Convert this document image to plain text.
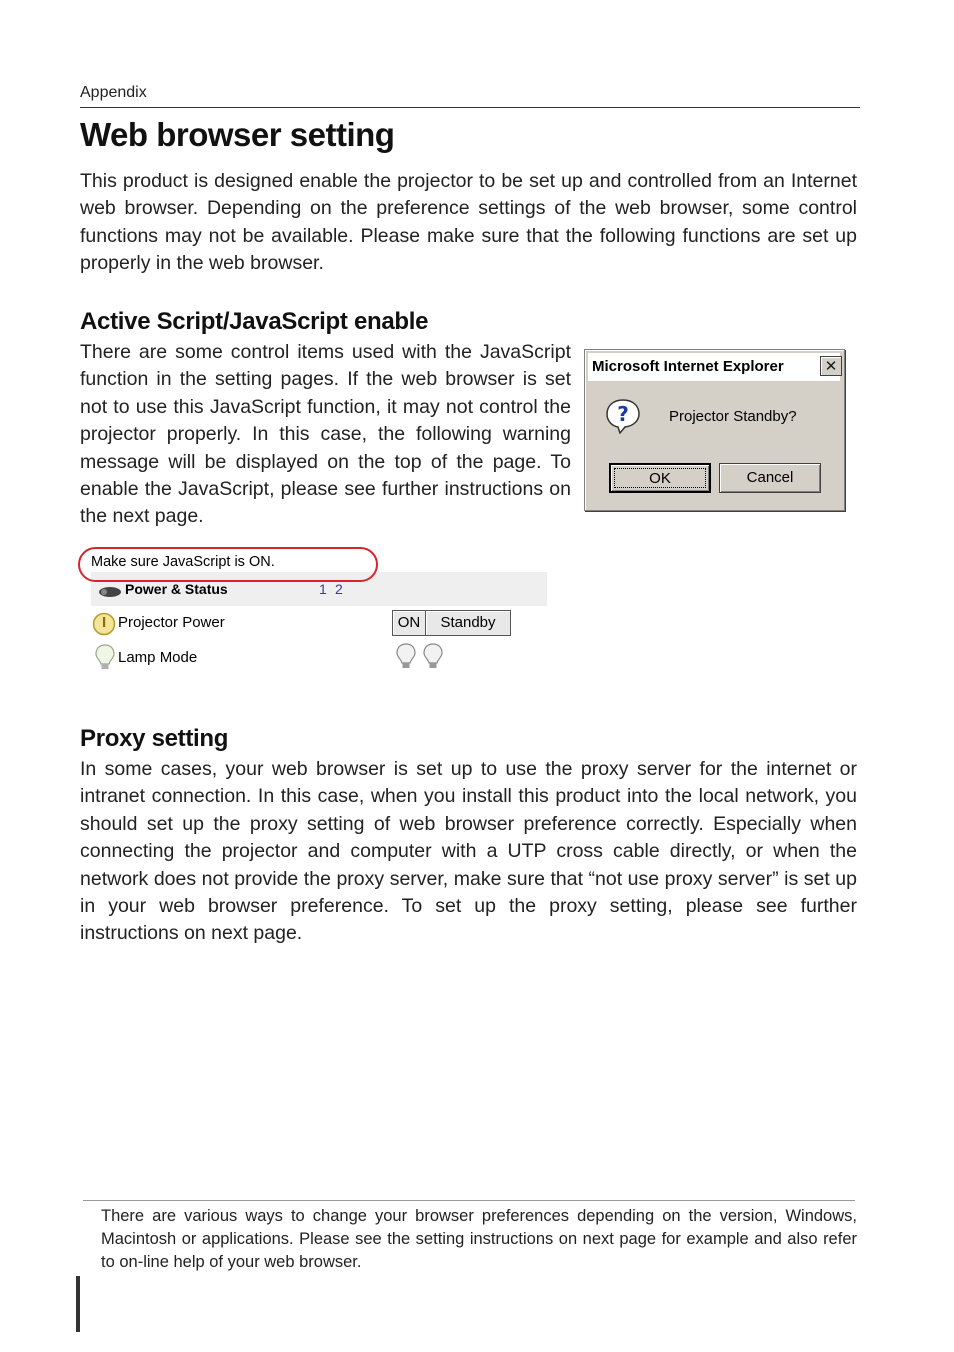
Appendix
Web browser setting

This product is designed enable the projector to be set up and controlled from an Internet web browser. Depending on the preference settings of the web browser, some control functions may not be available. Please make sure that the following functions are set up properly in the web browser.

Active Script/JavaScript enable

There are some control items used with the JavaScript function in the setting pages. If the web browser is set not to use this JavaScript function, it may not control the projector properly. In this case, the following warning message will be displayed on the top of the page. To enable the JavaScript, please see further instructions on the next page.

Microsoft Internet Explorer	✕
?	Projector Standby?
OK	Cancel
Make sure JavaScript is ON.
Power & Status	1 2
Projector Power	ON	Standby
Lamp Mode
Proxy setting

In some cases, your web browser is set up to use the proxy server for the internet or intranet connection. In this case, when you install this product into the local network, you should set up the proxy setting of web browser preference correctly. Especially when connecting the projector and computer with a UTP cross cable directly, or when the network does not provide the proxy server, make sure that “not use proxy server” is set up in your web browser preference. To set up the proxy setting, please see further instructions on next page.

There are various ways to change your browser preferences depending on the version, Windows, Macintosh or applications. Please see the setting instructions on next page for example and also refer to on-line help of your web browser.
